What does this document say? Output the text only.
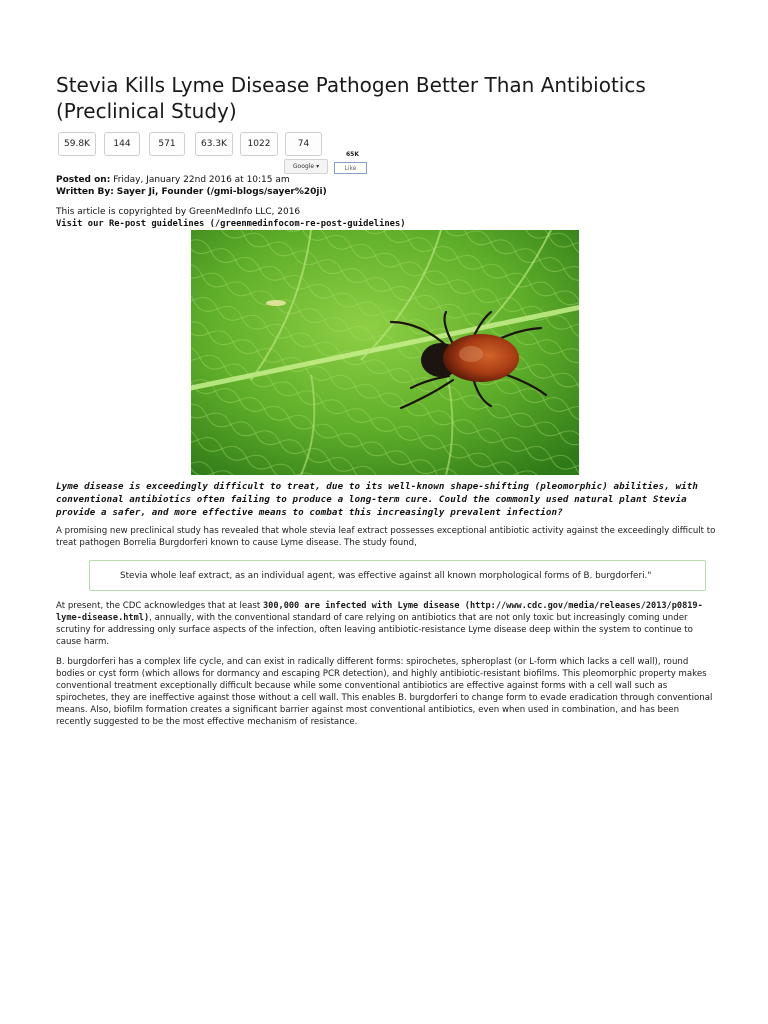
Stevia Kills Lyme Disease Pathogen Better Than Antibiotics (Preclinical Study)
59.8K	144	571	63.3K 1022	74
Google ▾
65K
Like
Posted on: Friday, January 22nd 2016 at 10:15 am
Written By: Sayer Ji, Founder (/gmi-blogs/sayer%20ji)
This article is copyrighted by GreenMedInfo LLC, 2016
Visit our Re-post guidelines (/greenmedinfocom-re-post-guidelines)

Lyme disease is exceedingly difficult to treat, due to its well-known shape-shifting (pleomorphic) abilities, with conventional antibiotics often failing to produce a long-term cure. Could the commonly used natural plant Stevia provide a safer, and more effective means to combat this increasingly prevalent infection?

A promising new preclinical study has revealed that whole stevia leaf extract possesses exceptional antibiotic activity against the exceedingly difficult to treat pathogen Borrelia Burgdorferi known to cause Lyme disease. The study found,

Stevia whole leaf extract, as an individual agent, was effective against all known morphological forms of B. burgdorferi."

At present, the CDC acknowledges that at least 300,000 are infected with Lyme disease (http://www.cdc.gov/media/releases/2013/p0819-lyme-disease.html), annually, with the conventional standard of care relying on antibiotics that are not only toxic but increasingly coming under scrutiny for addressing only surface aspects of the infection, often leaving antibiotic-resistance Lyme disease deep within the system to continue to cause harm.

B. burgdorferi has a complex life cycle, and can exist in radically different forms: spirochetes, spheroplast (or L-form which lacks a cell wall), round bodies or cyst form (which allows for dormancy and escaping PCR detection), and highly antibiotic-resistant biofilms. This pleomorphic property makes conventional treatment exceptionally difficult because while some conventional antibiotics are effective against forms with a cell wall such as spirochetes, they are ineffective against those without a cell wall. This enables B. burgdorferi to change form to evade eradication through conventional means. Also, biofilm formation creates a significant barrier against most conventional antibiotics, even when used in combination, and has been recently suggested to be the most effective mechanism of resistance.
